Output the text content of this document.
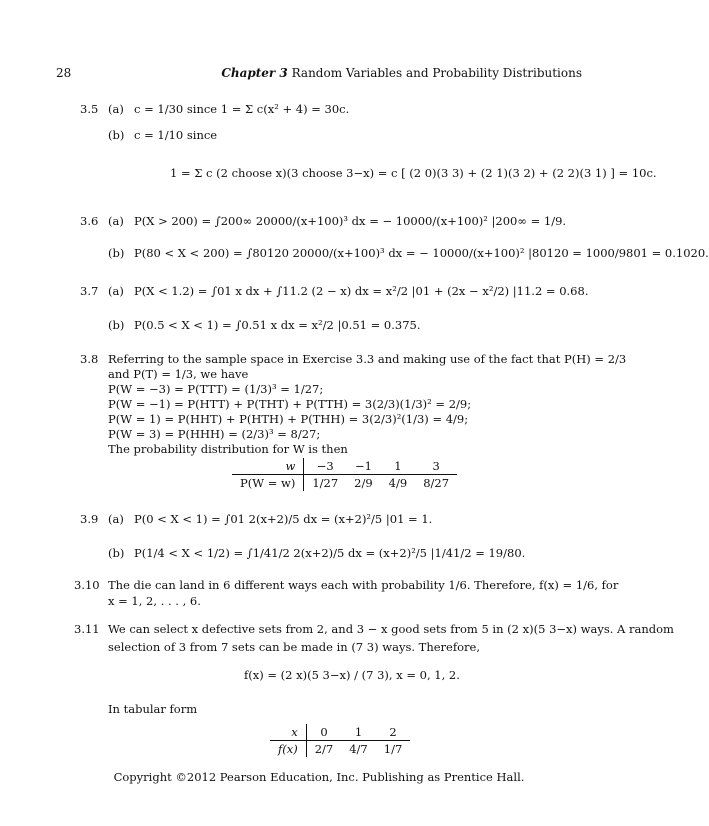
28	Chapter 3 Random Variables and Probability Distributions
3.5 (a) c = 1/30 since 1 = Σ c(x² + 4) = 30c.
(b) c = 1/10 since
1 = Σ c (2 choose x)(3 choose 3−x) = c [ (2 0)(3 3) + (2 1)(3 2) + (2 2)(3 1) ] = 10c.
3.6 (a) P(X > 200) = ∫200∞ 20000/(x+100)³ dx = − 10000/(x+100)² |200∞ = 1/9.
(b) P(80 < X < 200) = ∫80120 20000/(x+100)³ dx = − 10000/(x+100)² |80120 = 1000/9801 = 0.1020.
3.7 (a) P(X < 1.2) = ∫01 x dx + ∫11.2 (2 − x) dx = x²/2 |01 + (2x − x²/2) |11.2 = 0.68.
(b) P(0.5 < X < 1) = ∫0.51 x dx = x²/2 |0.51 = 0.375.
3.8 Referring to the sample space in Exercise 3.3 and making use of the fact that P(H) = 2/3
and P(T) = 1/3, we have
P(W = −3) = P(TTT) = (1/3)³ = 1/27;
P(W = −1) = P(HTT) + P(THT) + P(TTH) = 3(2/3)(1/3)² = 2/9;
P(W = 1) = P(HHT) + P(HTH) + P(THH) = 3(2/3)²(1/3) = 4/9;
P(W = 3) = P(HHH) = (2/3)³ = 8/27;
The probability distribution for W is then
w	−3	−1	1	3
P(W = w)	1/27	2/9	4/9	8/27
3.9 (a) P(0 < X < 1) = ∫01 2(x+2)/5 dx = (x+2)²/5 |01 = 1.
(b) P(1/4 < X < 1/2) = ∫1/41/2 2(x+2)/5 dx = (x+2)²/5 |1/41/2 = 19/80.
3.10 The die can land in 6 different ways each with probability 1/6. Therefore, f(x) = 1/6, for
x = 1, 2, . . . , 6.
3.11 We can select x defective sets from 2, and 3 − x good sets from 5 in (2 x)(5 3−x) ways. A random
selection of 3 from 7 sets can be made in (7 3) ways. Therefore,
f(x) = (2 x)(5 3−x) / (7 3), x = 0, 1, 2.
In tabular form
x	0	1	2
f(x)	2/7	4/7	1/7
Copyright ©2012 Pearson Education, Inc. Publishing as Prentice Hall.
